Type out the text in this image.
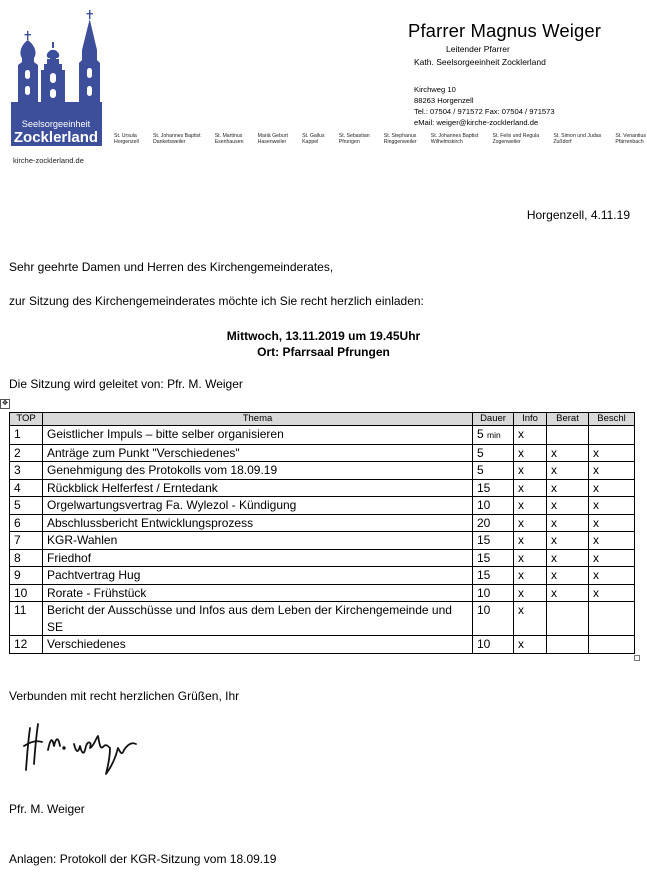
Seelsorgeeinheit
Zocklerland
kirche-zocklerland.de
Pfarrer Magnus Weiger
Leitender Pfarrer
Kath. Seelsorgeeinheit Zocklerland
Kirchweg 10
88263 Horgenzell
Tel.: 07504 / 971572 Fax: 07504 / 971573
eMail: weiger@kirche-zocklerland.de
St. Ursula
Horgenzell
St. Johannes Baptist
Danketsweiler
St. Martinus
Esenhausen
Mariä Geburt
Hasenweiler
St. Gallus
Kappel
St. Sebastian
Pfrungen
St. Stephanus
Ringgenweiler
St. Johannes Baptist
Wilhelmskirch
St. Felix und Regula
Zogenweiler
St. Simon und Judas
Zußdorf
St. Venantius
Pfärrenbach
Horgenzell, 4.11.19
Sehr geehrte Damen und Herren des Kirchengemeinderates,
zur Sitzung des Kirchengemeinderates möchte ich Sie recht herzlich einladen:
Mittwoch, 13.11.2019 um 19.45Uhr
Ort: Pfarrsaal Pfrungen
Die Sitzung wird geleitet von: Pfr. M. Weiger
✥
TOP	Thema	Dauer	Info	Berat	Beschl
1	Geistlicher Impuls – bitte selber organisieren	5 min	x		
2	Anträge zum Punkt "Verschiedenes"	5	x	x	x
3	Genehmigung des Protokolls vom 18.09.19	5	x	x	x
4	Rückblick Helferfest / Erntedank	15	x	x	x
5	Orgelwartungsvertrag Fa. Wylezol - Kündigung	10	x	x	x
6	Abschlussbericht Entwicklungsprozess	20	x	x	x
7	KGR-Wahlen	15	x	x	x
8	Friedhof	15	x	x	x
9	Pachtvertrag Hug	15	x	x	x
10	Rorate - Frühstück	10	x	x	x
11	Bericht der Ausschüsse und Infos aus dem Leben der Kirchengemeinde und SE	10	x		
12	Verschiedenes	10	x		
Verbunden mit recht herzlichen Grüßen, Ihr
Pfr. M. Weiger
Anlagen: Protokoll der KGR-Sitzung vom 18.09.19
